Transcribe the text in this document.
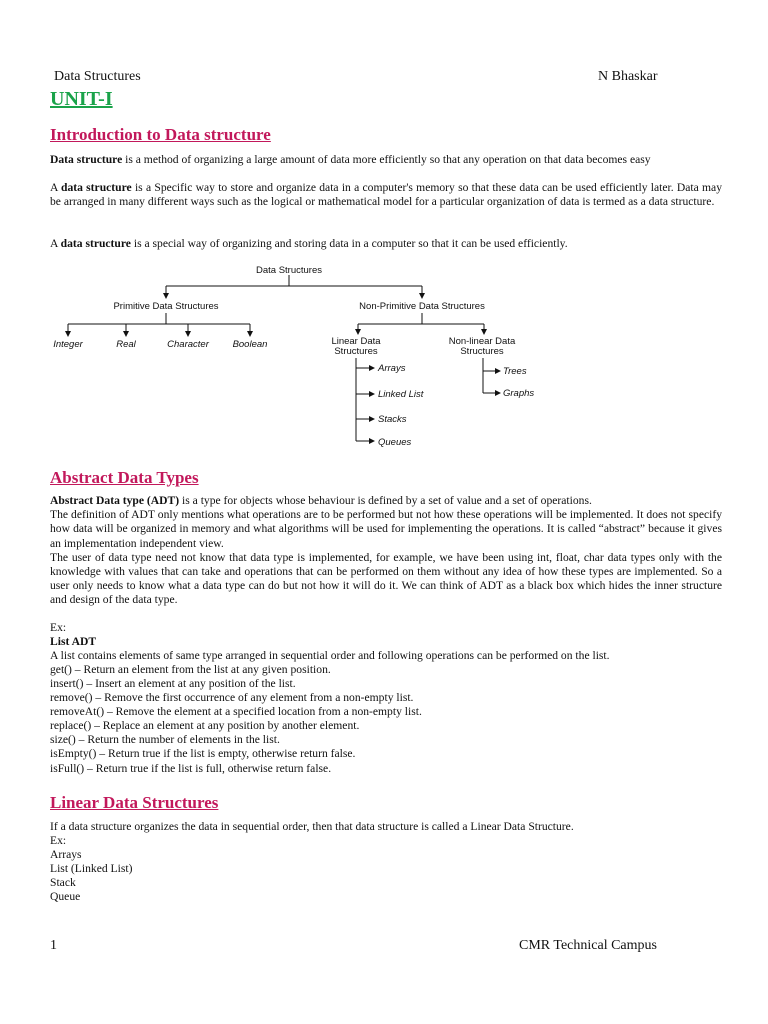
Data Structures	N Bhaskar
UNIT-I
Introduction to Data structure
Data structure is a method of organizing a large amount of data more efficiently so that any operation on that data becomes easy
A data structure is a Specific way to store and organize data in a computer's memory so that these data can be used efficiently later. Data may be arranged in many different ways such as the logical or mathematical model for a particular organization of data is termed as a data structure.
A data structure is a special way of organizing and storing data in a computer so that it can be used efficiently.
Data Structures
Primitive Data Structures	Non-Primitive Data Structures
Integer	Real	Character Boolean	Linear Data
Structures
Non-linear Data
Structures
Arrays
Linked List
Stacks
Queues
Trees
Graphs
Abstract Data Types
Abstract Data type (ADT) is a type for objects whose behaviour is defined by a set of value and a set of operations.
The definition of ADT only mentions what operations are to be performed but not how these operations will be implemented. It does not specify how data will be organized in memory and what algorithms will be used for implementing the operations. It is called “abstract” because it gives an implementation independent view.
The user of data type need not know that data type is implemented, for example, we have been using int, float, char data types only with the knowledge with values that can take and operations that can be performed on them without any idea of how these types are implemented. So a user only needs to know what a data type can do but not how it will do it. We can think of ADT as a black box which hides the inner structure and design of the data type.
Ex:
List ADT
A list contains elements of same type arranged in sequential order and following operations can be performed on the list.
get() – Return an element from the list at any given position.
insert() – Insert an element at any position of the list.
remove() – Remove the first occurrence of any element from a non-empty list.
removeAt() – Remove the element at a specified location from a non-empty list.
replace() – Replace an element at any position by another element.
size() – Return the number of elements in the list.
isEmpty() – Return true if the list is empty, otherwise return false.
isFull() – Return true if the list is full, otherwise return false.
Linear Data Structures
If a data structure organizes the data in sequential order, then that data structure is called a Linear Data Structure.
Ex:
Arrays
List (Linked List)
Stack
Queue
1	CMR Technical Campus
